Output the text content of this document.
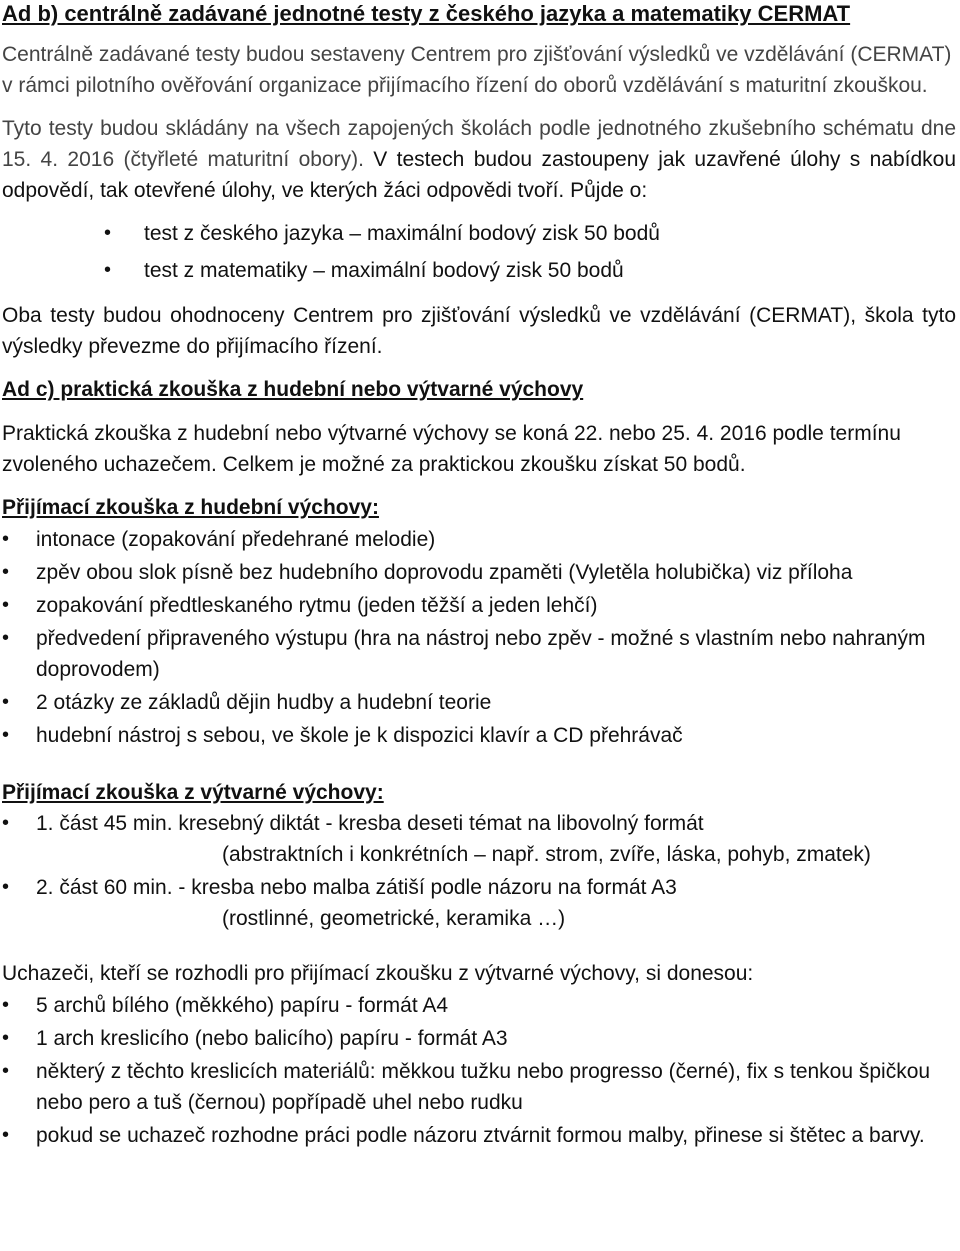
Ad b) centrálně zadávané jednotné testy z českého jazyka a matematiky CERMAT

Centrálně zadávané testy budou sestaveny Centrem pro zjišťování výsledků ve vzdělávání (CERMAT) v rámci pilotního ověřování organizace přijímacího řízení do oborů vzdělávání s maturitní zkouškou.

Tyto testy budou skládány na všech zapojených školách podle jednotného zkušebního schématu dne 15. 4. 2016 (čtyřleté maturitní obory). V testech budou zastoupeny jak uzavřené úlohy s nabídkou odpovědí, tak otevřené úlohy, ve kterých žáci odpovědi tvoří. Půjde o:

• test z českého jazyka – maximální bodový zisk 50 bodů
• test z matematiky – maximální bodový zisk 50 bodů

Oba testy budou ohodnoceny Centrem pro zjišťování výsledků ve vzdělávání (CERMAT), škola tyto výsledky převezme do přijímacího řízení.

Ad c) praktická zkouška z hudební nebo výtvarné výchovy

Praktická zkouška z hudební nebo výtvarné výchovy se koná 22. nebo 25. 4. 2016 podle termínu zvoleného uchazečem. Celkem je možné za praktickou zkoušku získat 50 bodů.

Přijímací zkouška z hudební výchovy:

• intonace (zopakování předehrané melodie)
• zpěv obou slok písně bez hudebního doprovodu zpaměti (Vyletěla holubička) viz příloha
• zopakování předtleskaného rytmu (jeden těžší a jeden lehčí)
• předvedení připraveného výstupu (hra na nástroj nebo zpěv - možné s vlastním nebo nahraným doprovodem)
• 2 otázky ze základů dějin hudby a hudební teorie
• hudební nástroj s sebou, ve škole je k dispozici klavír a CD přehrávač

Přijímací zkouška z výtvarné výchovy:

• 1. část 45 min. kresebný diktát - kresba deseti témat na libovolný formát
(abstraktních i konkrétních – např. strom, zvíře, láska, pohyb, zmatek)
• 2. část 60 min. - kresba nebo malba zátiší podle názoru na formát A3
(rostlinné, geometrické, keramika …)

Uchazeči, kteří se rozhodli pro přijímací zkoušku z výtvarné výchovy, si donesou:

• 5 archů bílého (měkkého) papíru - formát A4
• 1 arch kreslicího (nebo balicího) papíru - formát A3
• některý z těchto kreslicích materiálů: měkkou tužku nebo progresso (černé), fix s tenkou špičkou nebo pero a tuš (černou) popřípadě uhel nebo rudku
• pokud se uchazeč rozhodne práci podle názoru ztvárnit formou malby, přinese si štětec a barvy.
